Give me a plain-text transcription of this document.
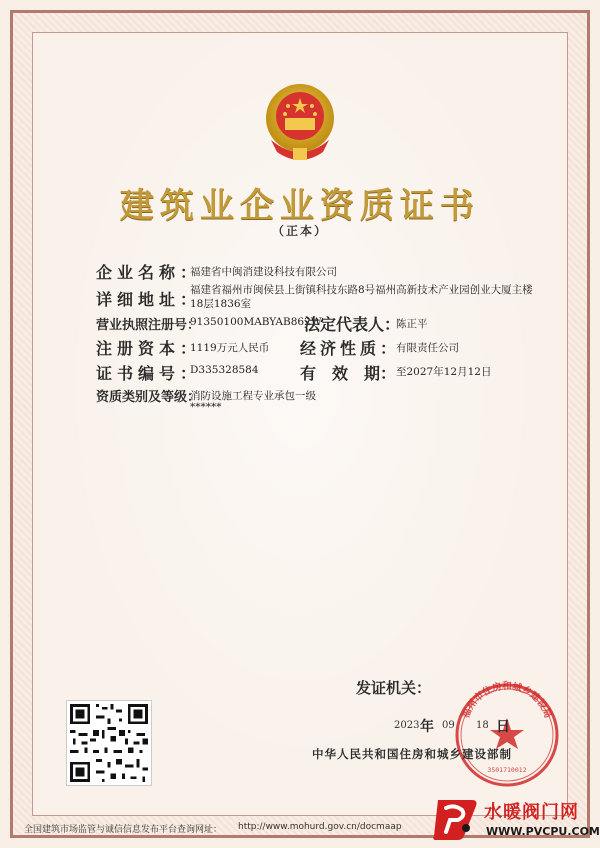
建筑业企业资质证书
（正本）
企业名称：
福建省中闽消建设科技有限公司
详细地址：
福建省福州市闽侯县上街镇科技东路8号福州高新技术产业园创业大厦主楼18层1836室
营业执照注册号：
91350100MABYAB862W
法定代表人：
陈正平
注册资本：
1119万元人民币 经济性质：
有限责任公司
证书编号：
D335328584	有　效　期： 至2027年12月12日
资质类别及等级：
消防设施工程专业承包一级
******
发证机关：
福州市住房和城乡建设局
3501710012
2023 年 09 18 日
中华人民共和国住房和城乡建设部制
全国建筑市场监管与诚信信息发布平台查询网址： http://www.mohurd.gov.cn/docmaap
水暖阀门网
WWW.PVCPU.COM
